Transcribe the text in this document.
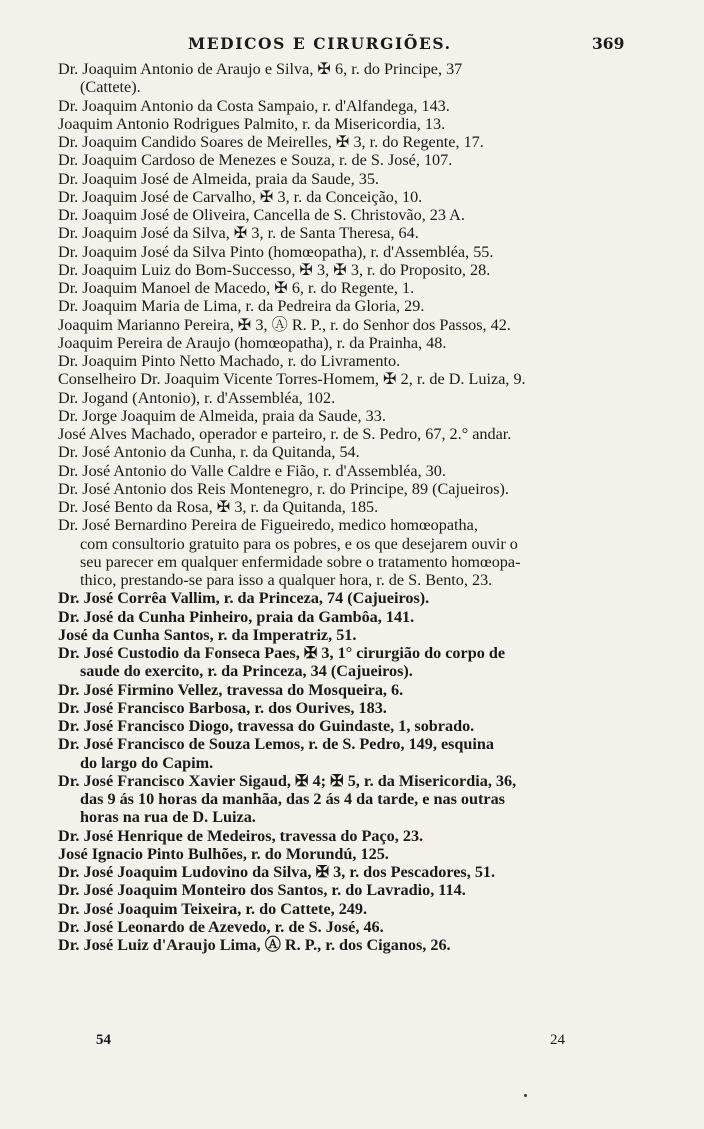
MEDICOS E CIRURGIÕES.	369

Dr. Joaquim Antonio de Araujo e Silva, ✠ 6, r. do Principe, 37

(Cattete).

Dr. Joaquim Antonio da Costa Sampaio, r. d'Alfandega, 143.

Joaquim Antonio Rodrigues Palmito, r. da Misericordia, 13.

Dr. Joaquim Candido Soares de Meirelles, ✠ 3, r. do Regente, 17.

Dr. Joaquim Cardoso de Menezes e Souza, r. de S. José, 107.

Dr. Joaquim José de Almeida, praia da Saude, 35.

Dr. Joaquim José de Carvalho, ✠ 3, r. da Conceição, 10.

Dr. Joaquim José de Oliveira, Cancella de S. Christovão, 23 A.

Dr. Joaquim José da Silva, ✠ 3, r. de Santa Theresa, 64.

Dr. Joaquim José da Silva Pinto (homœopatha), r. d'Assembléa, 55.

Dr. Joaquim Luiz do Bom-Successo, ✠ 3, ✠ 3, r. do Proposito, 28.

Dr. Joaquim Manoel de Macedo, ✠ 6, r. do Regente, 1.

Dr. Joaquim Maria de Lima, r. da Pedreira da Gloria, 29.

Joaquim Marianno Pereira, ✠ 3, Ⓐ R. P., r. do Senhor dos Passos, 42.

Joaquim Pereira de Araujo (homœopatha), r. da Prainha, 48.

Dr. Joaquim Pinto Netto Machado, r. do Livramento.

Conselheiro Dr. Joaquim Vicente Torres-Homem, ✠ 2, r. de D. Luiza, 9.

Dr. Jogand (Antonio), r. d'Assembléa, 102.

Dr. Jorge Joaquim de Almeida, praia da Saude, 33.

José Alves Machado, operador e parteiro, r. de S. Pedro, 67, 2.° andar.

Dr. José Antonio da Cunha, r. da Quitanda, 54.

Dr. José Antonio do Valle Caldre e Fião, r. d'Assembléa, 30.

Dr. José Antonio dos Reis Montenegro, r. do Principe, 89 (Cajueiros).

Dr. José Bento da Rosa, ✠ 3, r. da Quitanda, 185.

Dr. José Bernardino Pereira de Figueiredo, medico homœopatha,

com consultorio gratuito para os pobres, e os que desejarem ouvir o

seu parecer em qualquer enfermidade sobre o tratamento homœopa-

thico, prestando-se para isso a qualquer hora, r. de S. Bento, 23.

Dr. José Corrêa Vallim, r. da Princeza, 74 (Cajueiros).

Dr. José da Cunha Pinheiro, praia da Gambôa, 141.

José da Cunha Santos, r. da Imperatriz, 51.

Dr. José Custodio da Fonseca Paes, ✠ 3, 1° cirurgião do corpo de

saude do exercito, r. da Princeza, 34 (Cajueiros).

Dr. José Firmino Vellez, travessa do Mosqueira, 6.

Dr. José Francisco Barbosa, r. dos Ourives, 183.

Dr. José Francisco Diogo, travessa do Guindaste, 1, sobrado.

Dr. José Francisco de Souza Lemos, r. de S. Pedro, 149, esquina

do largo do Capim.

Dr. José Francisco Xavier Sigaud, ✠ 4; ✠ 5, r. da Misericordia, 36,

das 9 ás 10 horas da manhãa, das 2 ás 4 da tarde, e nas outras

horas na rua de D. Luiza.

Dr. José Henrique de Medeiros, travessa do Paço, 23.

José Ignacio Pinto Bulhões, r. do Morundú, 125.

Dr. José Joaquim Ludovino da Silva, ✠ 3, r. dos Pescadores, 51.

Dr. José Joaquim Monteiro dos Santos, r. do Lavradio, 114.

Dr. José Joaquim Teixeira, r. do Cattete, 249.

Dr. José Leonardo de Azevedo, r. de S. José, 46.

Dr. José Luiz d'Araujo Lima, Ⓐ R. P., r. dos Ciganos, 26.

54	24
